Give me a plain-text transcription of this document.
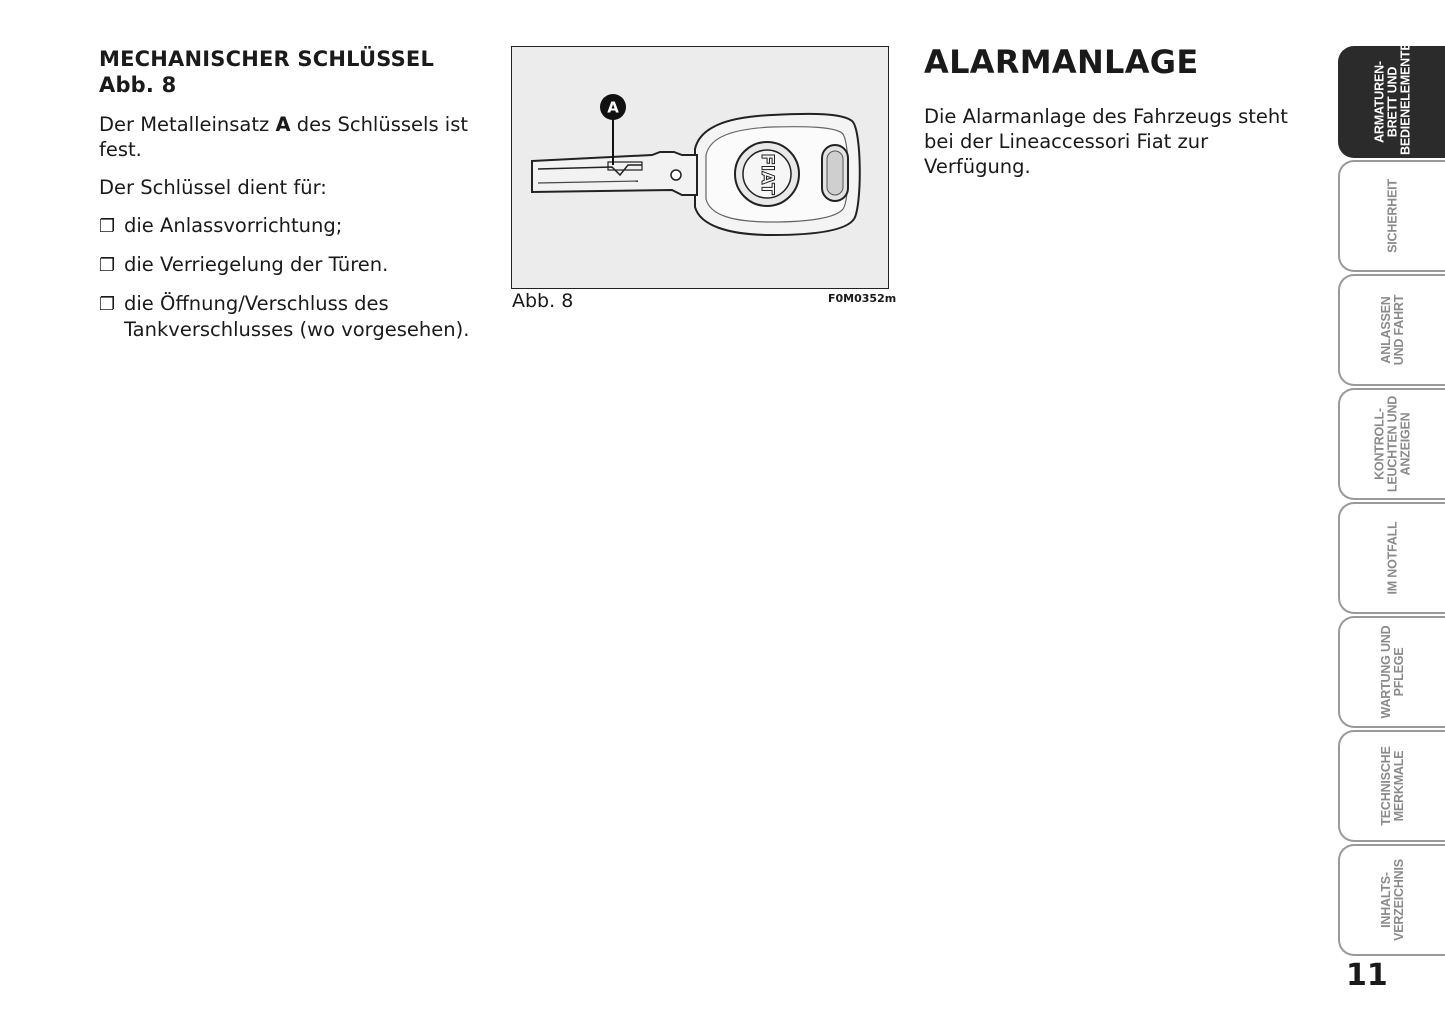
MECHANISCHER SCHLÜSSEL
Abb. 8

Der Metalleinsatz A des Schlüssels ist fest.

Der Schlüssel dient für:

❐ die Anlassvorrichtung;

❐ die Verriegelung der Türen.

❐ die Öffnung/Verschluss des Tankverschlusses (wo vorgesehen).

FIAT
A
Abb. 8	F0M0352m
ALARMANLAGE

Die Alarmanlage des Fahrzeugs steht bei der Lineaccessori Fiat zur Verfügung.

ARMATUREN-
BRETT UND
BEDIENELEMENTE
SICHERHEIT
ANLASSEN
UND FAHRT
KONTROLL-
LEUCHTEN UND
ANZEIGEN
IM NOTFALL
WARTUNG UND
PFLEGE
TECHNISCHE
MERKMALE
INHALTS-
VERZEICHNIS
11
